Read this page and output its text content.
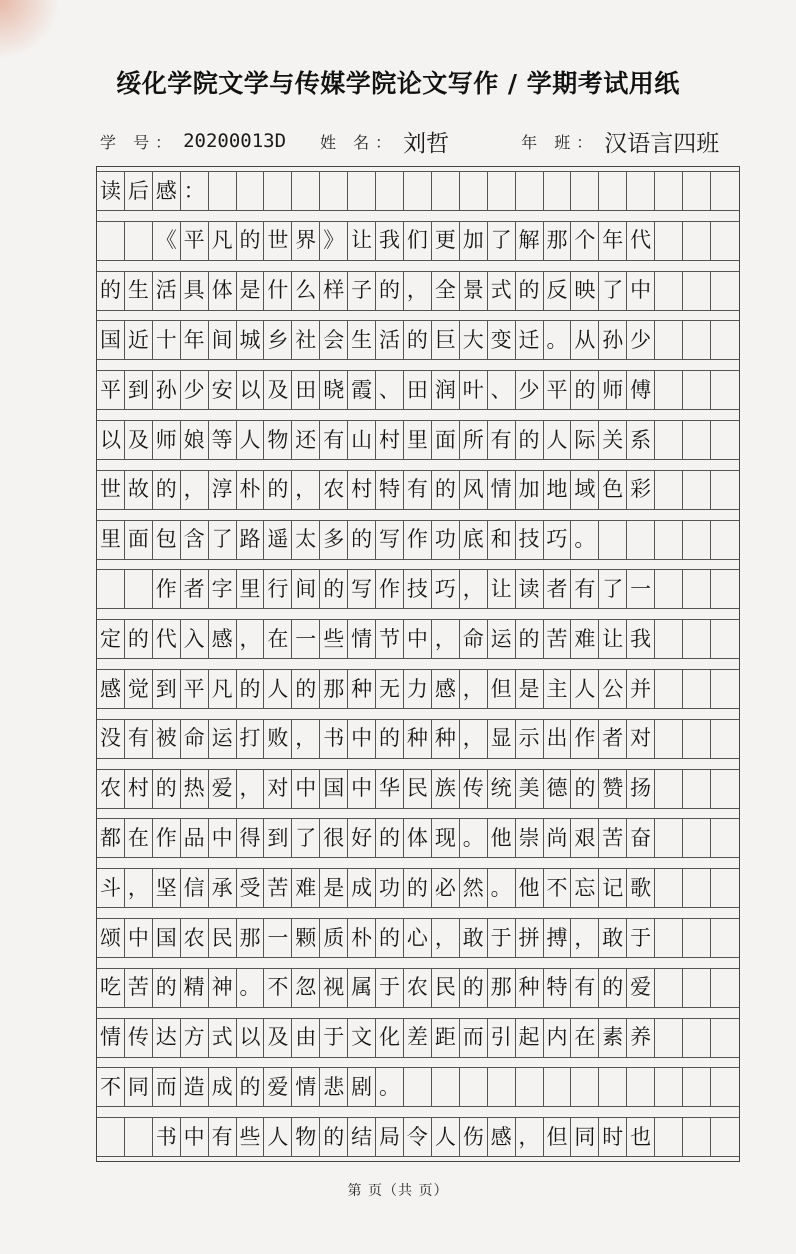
绥化学院文学与传媒学院论文写作 / 学期考试用纸
学 号： 20200013D 姓 名： 刘哲	年 班： 汉语言四班
读 后 感 ：
《 平 凡 的 世 界 》 让 我 们 更 加 了 解 那 个 年 代
的 生 活 具 体 是 什 么 样 子 的 ， 全 景 式 的 反 映 了 中
国 近 十 年 间 城 乡 社 会 生 活 的 巨 大 变 迁 。 从 孙 少
平 到 孙 少 安 以 及 田 晓 霞 、 田 润 叶 、 少 平 的 师 傅
以 及 师 娘 等 人 物 还 有 山 村 里 面 所 有 的 人 际 关 系
世 故 的 ， 淳 朴 的 ， 农 村 特 有 的 风 情 加 地 域 色 彩
里 面 包 含 了 路 遥 太 多 的 写 作 功 底 和 技 巧 。
作 者 字 里 行 间 的 写 作 技 巧 ， 让 读 者 有 了 一
定 的 代 入 感 ， 在 一 些 情 节 中 ， 命 运 的 苦 难 让 我
感 觉 到 平 凡 的 人 的 那 种 无 力 感 ， 但 是 主 人 公 并
没 有 被 命 运 打 败 ， 书 中 的 种 种 ， 显 示 出 作 者 对
农 村 的 热 爱 ， 对 中 国 中 华 民 族 传 统 美 德 的 赞 扬
都 在 作 品 中 得 到 了 很 好 的 体 现 。 他 崇 尚 艰 苦 奋
斗 ， 坚 信 承 受 苦 难 是 成 功 的 必 然 。 他 不 忘 记 歌
颂 中 国 农 民 那 一 颗 质 朴 的 心 ， 敢 于 拼 搏 ， 敢 于
吃 苦 的 精 神 。 不 忽 视 属 于 农 民 的 那 种 特 有 的 爱
情 传 达 方 式 以 及 由 于 文 化 差 距 而 引 起 内 在 素 养
不 同 而 造 成 的 爱 情 悲 剧 。
书 中 有 些 人 物 的 结 局 令 人 伤 感 ， 但 同 时 也
第 页（共 页）
